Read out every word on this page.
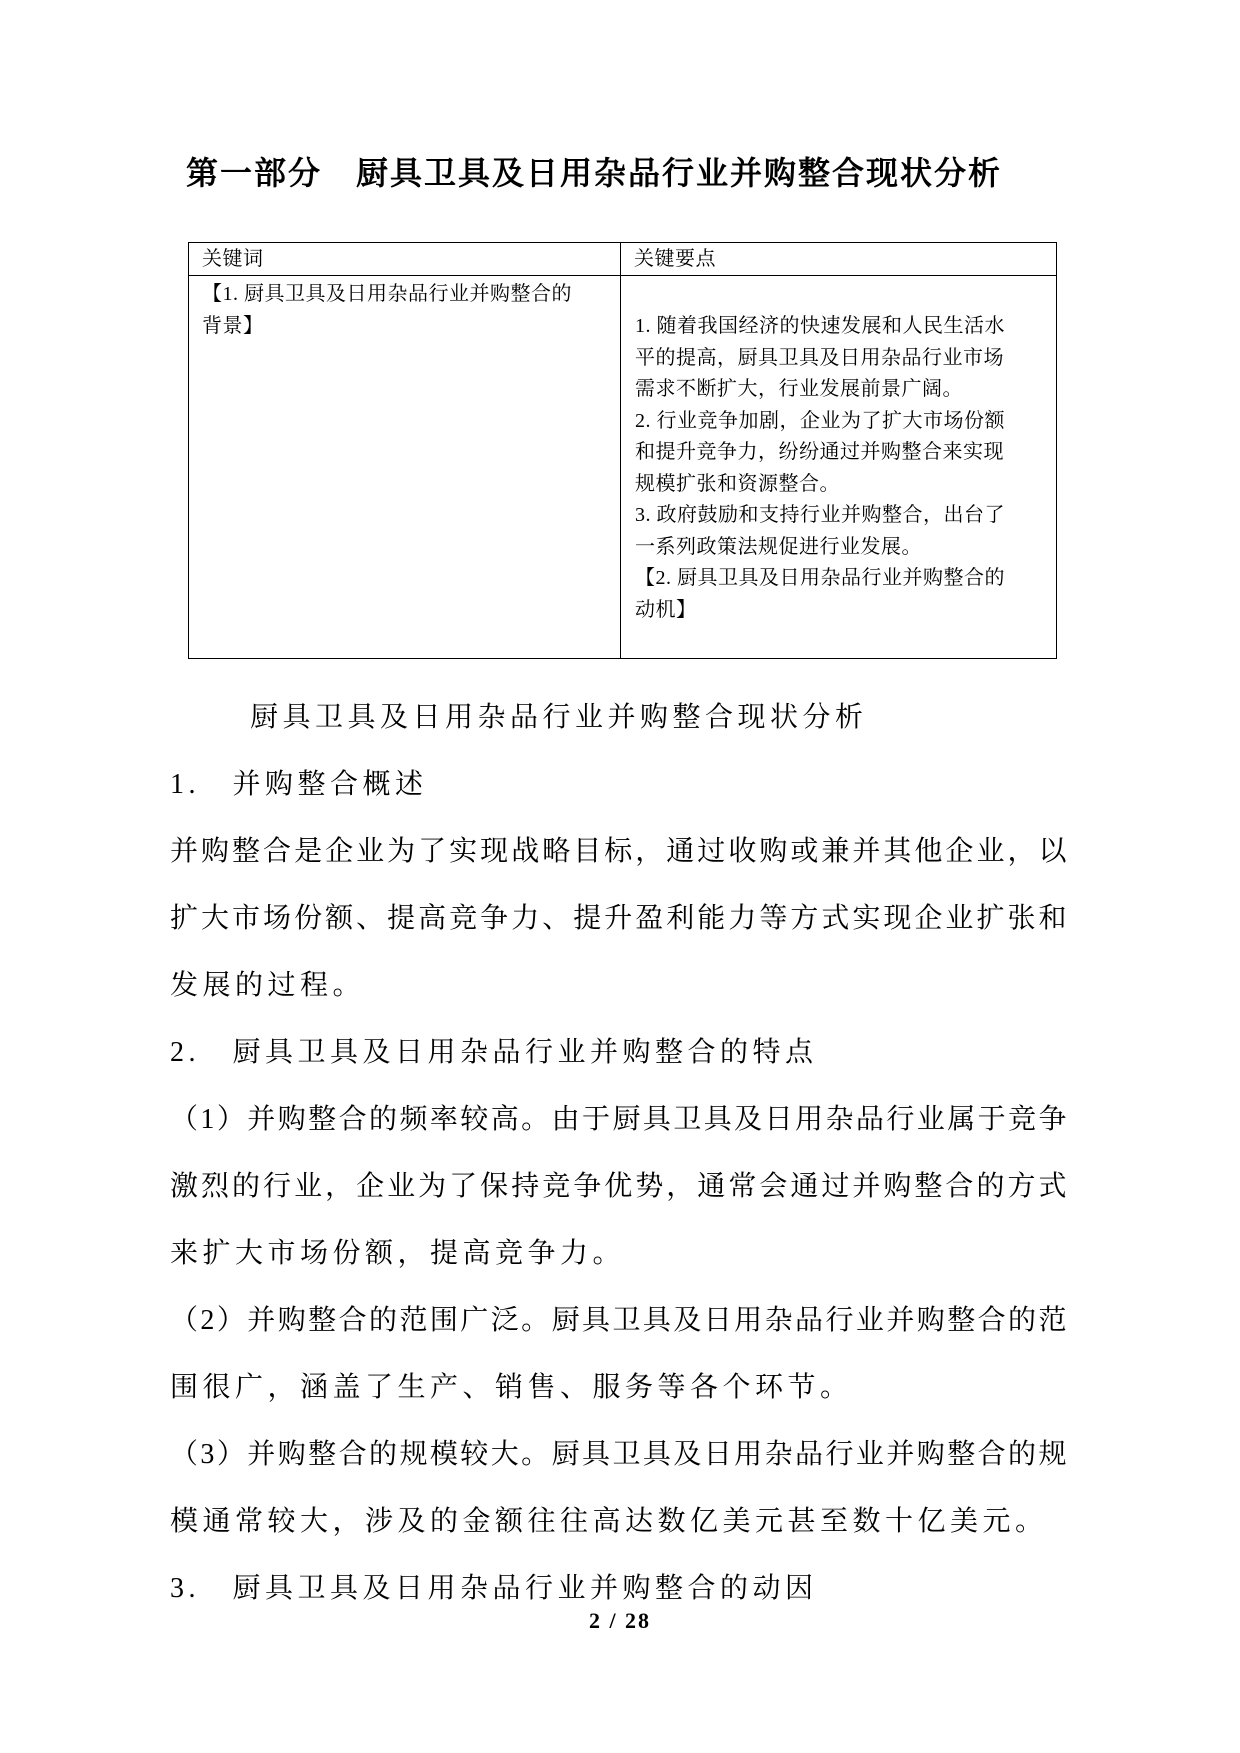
第一部分　厨具卫具及日用杂品行业并购整合现状分析
关键词	关键要点

【1. 厨具卫具及日用杂品行业并购整合的
背景】	1. 随着我国经济的快速发展和人民生活水
平的提高，厨具卫具及日用杂品行业市场
需求不断扩大，行业发展前景广阔。
2. 行业竞争加剧，企业为了扩大市场份额
和提升竞争力，纷纷通过并购整合来实现
规模扩张和资源整合。
3. 政府鼓励和支持行业并购整合，出台了
一系列政策法规促进行业发展。
【2. 厨具卫具及日用杂品行业并购整合的
动机】
厨具卫具及日用杂品行业并购整合现状分析
1.　并购整合概述
并购整合是企业为了实现战略目标，通过收购或兼并其他企业，以
扩大市场份额、提高竞争力、提升盈利能力等方式实现企业扩张和
发展的过程。
2.　厨具卫具及日用杂品行业并购整合的特点
（1）并购整合的频率较高。由于厨具卫具及日用杂品行业属于竞争
激烈的行业，企业为了保持竞争优势，通常会通过并购整合的方式
来扩大市场份额，提高竞争力。
（2）并购整合的范围广泛。厨具卫具及日用杂品行业并购整合的范
围很广，涵盖了生产、销售、服务等各个环节。
（3）并购整合的规模较大。厨具卫具及日用杂品行业并购整合的规
模通常较大，涉及的金额往往高达数亿美元甚至数十亿美元。
3.　厨具卫具及日用杂品行业并购整合的动因
2 / 28
